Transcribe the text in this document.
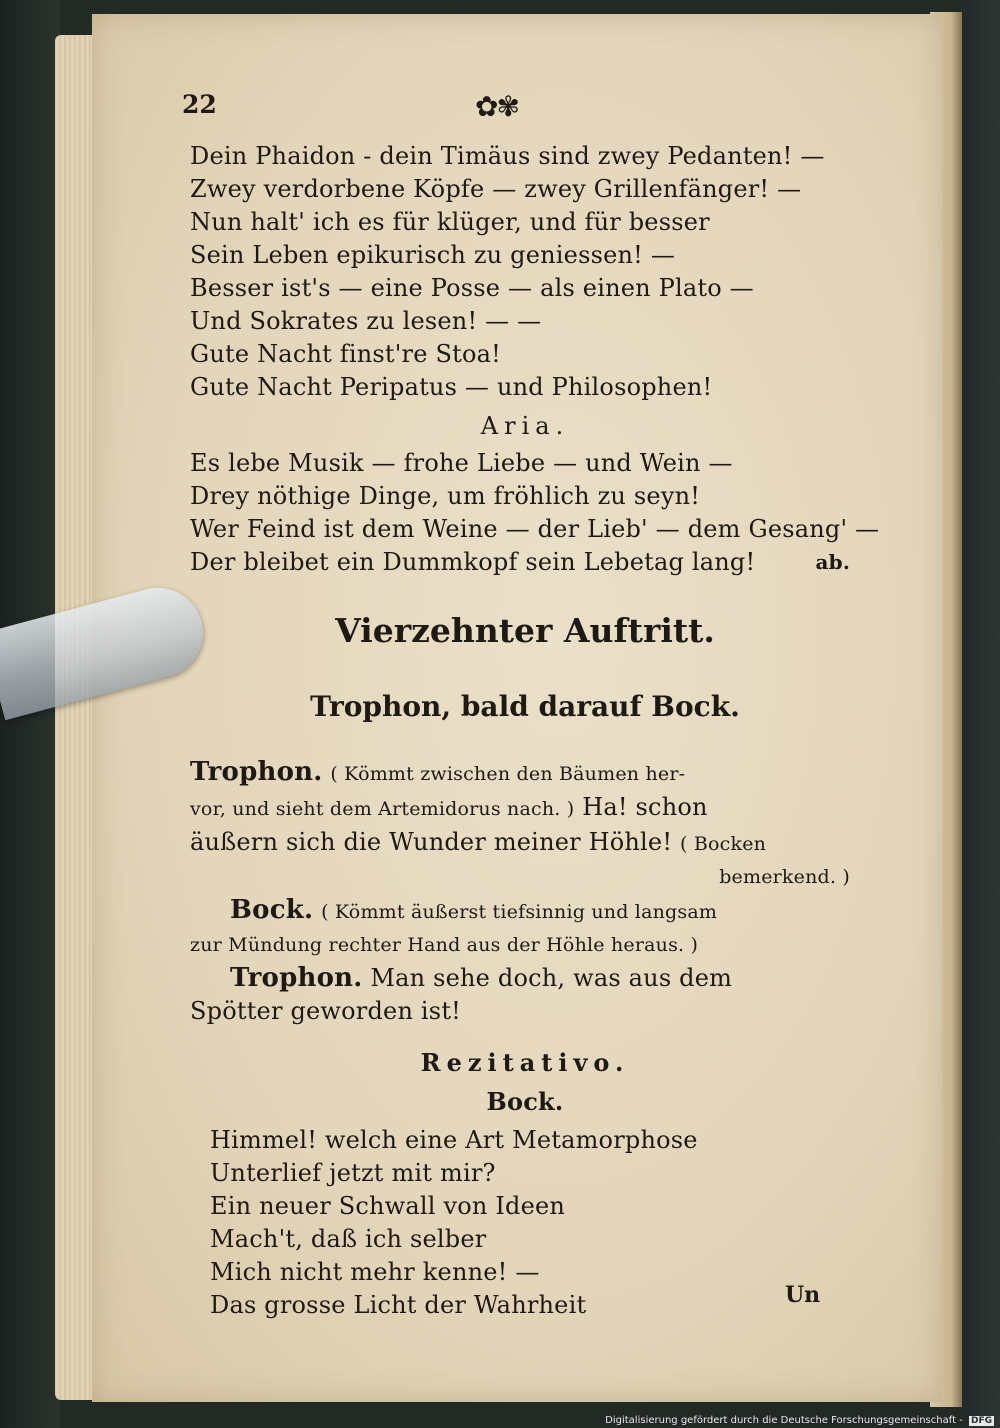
22	✿✾

Dein Phaidon - dein Timäus sind zwey Pedanten! —

Zwey verdorbene Köpfe — zwey Grillenfänger! —

Nun halt' ich es für klüger, und für besser

Sein Leben epikurisch zu geniessen! —

Besser ist's — eine Posse — als einen Plato —

Und Sokrates zu lesen! — —

Gute Nacht finst're Stoa!

Gute Nacht Peripatus — und Philosophen!

Aria.

Es lebe Musik — frohe Liebe — und Wein —

Drey nöthige Dinge, um fröhlich zu seyn!

Wer Feind ist dem Weine — der Lieb' — dem Gesang' —

Der bleibet ein Dummkopf sein Lebetag lang!	ab.

Vierzehnter Auftritt.

Trophon, bald darauf Bock.

Trophon. ( Kömmt zwischen den Bäumen her-

vor, und sieht dem Artemidorus nach. ) Ha! schon

äußern sich die Wunder meiner Höhle! ( Bocken

bemerkend. )

Bock. ( Kömmt äußerst tiefsinnig und langsam

zur Mündung rechter Hand aus der Höhle heraus. )

Trophon. Man sehe doch, was aus dem

Spötter geworden ist!

Rezitativo.

Bock.

Himmel! welch eine Art Metamorphose

Unterlief jetzt mit mir?

Ein neuer Schwall von Ideen

Mach't, daß ich selber

Mich nicht mehr kenne! —

Das grosse Licht der Wahrheit	Un
Digitalisierung gefördert durch die Deutsche Forschungsgemeinschaft - DFG
